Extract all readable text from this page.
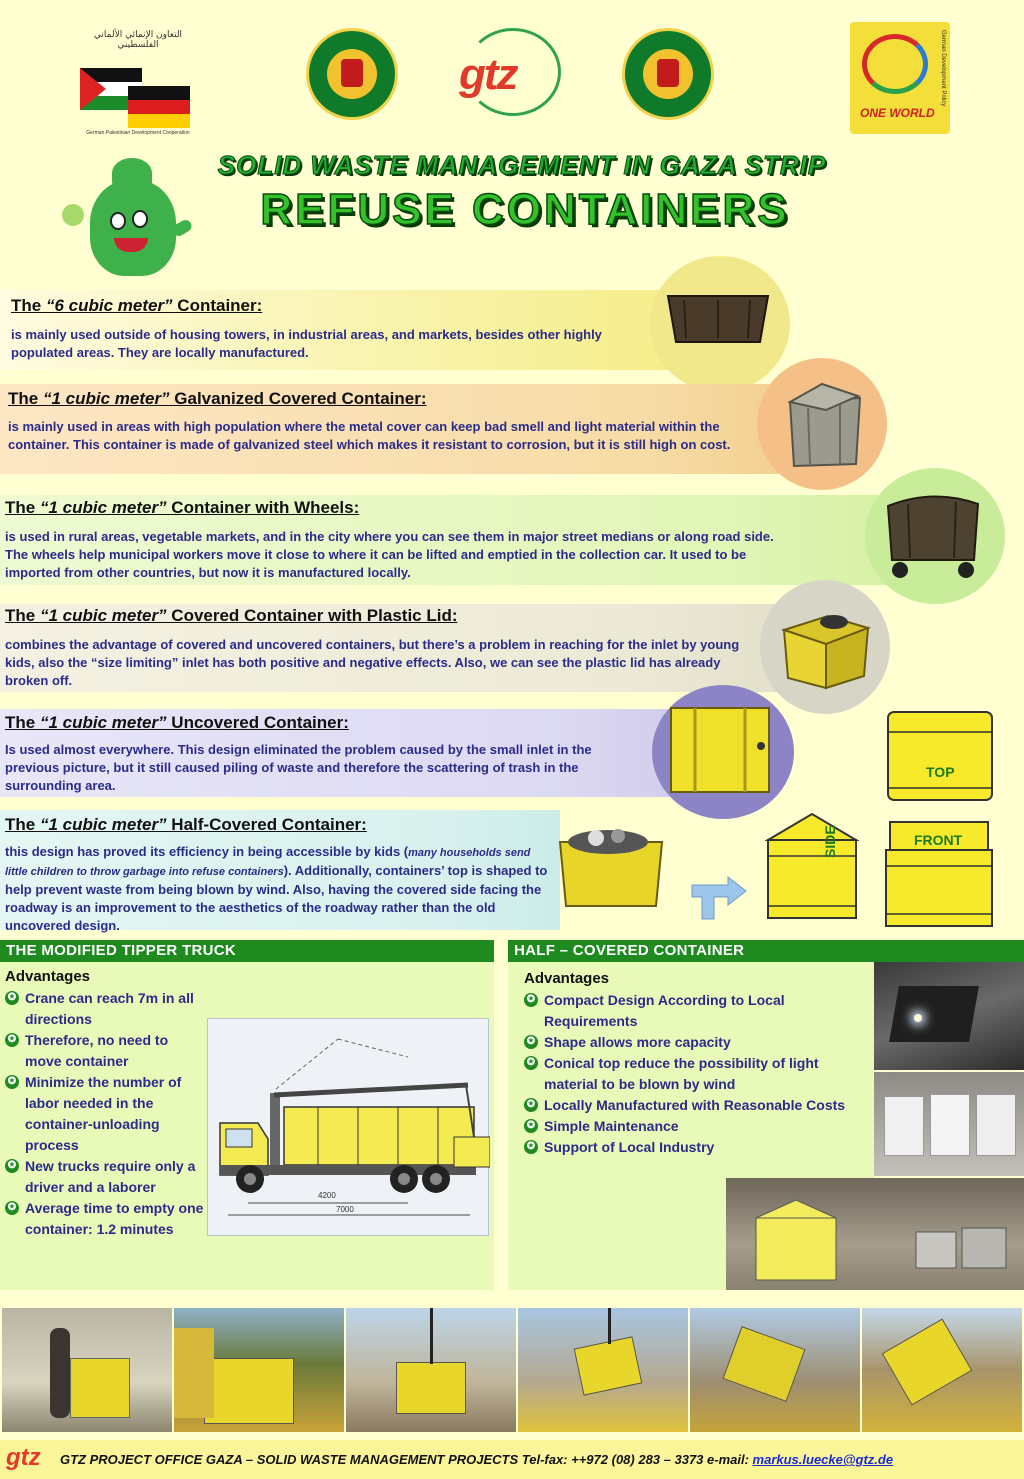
التعاون الإنمائي الألماني الفلسطيني
German Palestinian Development Cooperation
gtz
ONE WORLD
German Development Policy
SOLID WASTE MANAGEMENT IN GAZA STRIP
REFUSE CONTAINERS
The “6 cubic meter” Container:
is mainly used outside of housing towers, in industrial areas, and markets, besides other highly populated areas. They are locally manufactured.
The “1 cubic meter” Galvanized Covered Container:
is mainly used in areas with high population where the metal cover can keep bad smell and light material within the container. This container is made of galvanized steel which makes it resistant to corrosion, but it is still high on cost.
The “1 cubic meter” Container with Wheels:
is used in rural areas, vegetable markets, and in the city where you can see them in major street medians or along road side. The wheels help municipal workers move it close to where it can be lifted and emptied in the collection car. It used to be imported from other countries, but now it is manufactured locally.
The “1 cubic meter” Covered Container with Plastic Lid:
combines the advantage of covered and uncovered containers, but there’s a problem in reaching for the inlet by young kids, also the “size limiting” inlet has both positive and negative effects. Also, we can see the plastic lid has already broken off.
The “1 cubic meter” Uncovered Container:
Is used almost everywhere. This design eliminated the problem caused by the small inlet in the previous picture, but it still caused piling of waste and therefore the scattering of trash in the surrounding area.
TOP
SIDE	FRONT
The “1 cubic meter” Half-Covered Container:
this design has proved its efficiency in being accessible by kids (many households send little children to throw garbage into refuse containers). Additionally, containers’ top is shaped to help prevent waste from being blown by wind. Also, having the covered side facing the roadway is an improvement to the aesthetics of the roadway rather than the old uncovered design.
THE MODIFIED TIPPER TRUCK
Advantages
✪ Crane can reach 7m in all directions
✪ Therefore, no need to move container
✪ Minimize the number of labor needed in the container-unloading process
✪ New trucks require only a driver and a laborer
✪ Average time to empty one container: 1.2 minutes
4200
7000
HALF – COVERED CONTAINER
Advantages
✪ Compact Design According to Local Requirements
✪ Shape allows more capacity
✪ Conical top reduce the possibility of light material to be blown by wind
✪ Locally Manufactured with Reasonable Costs
✪ Simple Maintenance
✪ Support of Local Industry
gtz GTZ PROJECT OFFICE GAZA – SOLID WASTE MANAGEMENT PROJECTS Tel-fax: ++972 (08) 283 – 3373 e-mail: markus.luecke@gtz.de
